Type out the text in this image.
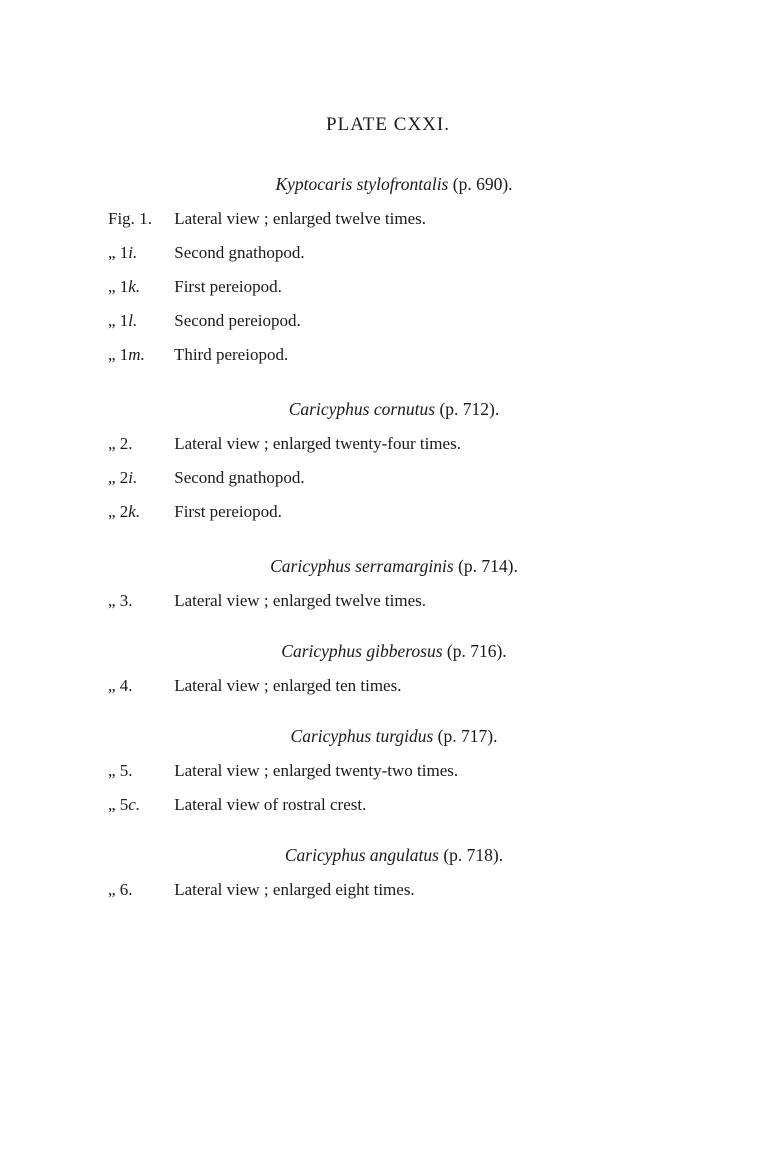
PLATE CXXI.
Kyptocaris stylofrontalis (p. 690).
Fig. 1. Lateral view ; enlarged twelve times.
„ 1i. Second gnathopod.
„ 1k. First pereiopod.
„ 1l. Second pereiopod.
„ 1m. Third pereiopod.
Caricyphus cornutus (p. 712).
„ 2. Lateral view ; enlarged twenty-four times.
„ 2i. Second gnathopod.
„ 2k. First pereiopod.
Caricyphus serramarginis (p. 714).
„ 3. Lateral view ; enlarged twelve times.
Caricyphus gibberosus (p. 716).
„ 4. Lateral view ; enlarged ten times.
Caricyphus turgidus (p. 717).
„ 5. Lateral view ; enlarged twenty-two times.
„ 5c. Lateral view of rostral crest.
Caricyphus angulatus (p. 718).
„ 6. Lateral view ; enlarged eight times.
